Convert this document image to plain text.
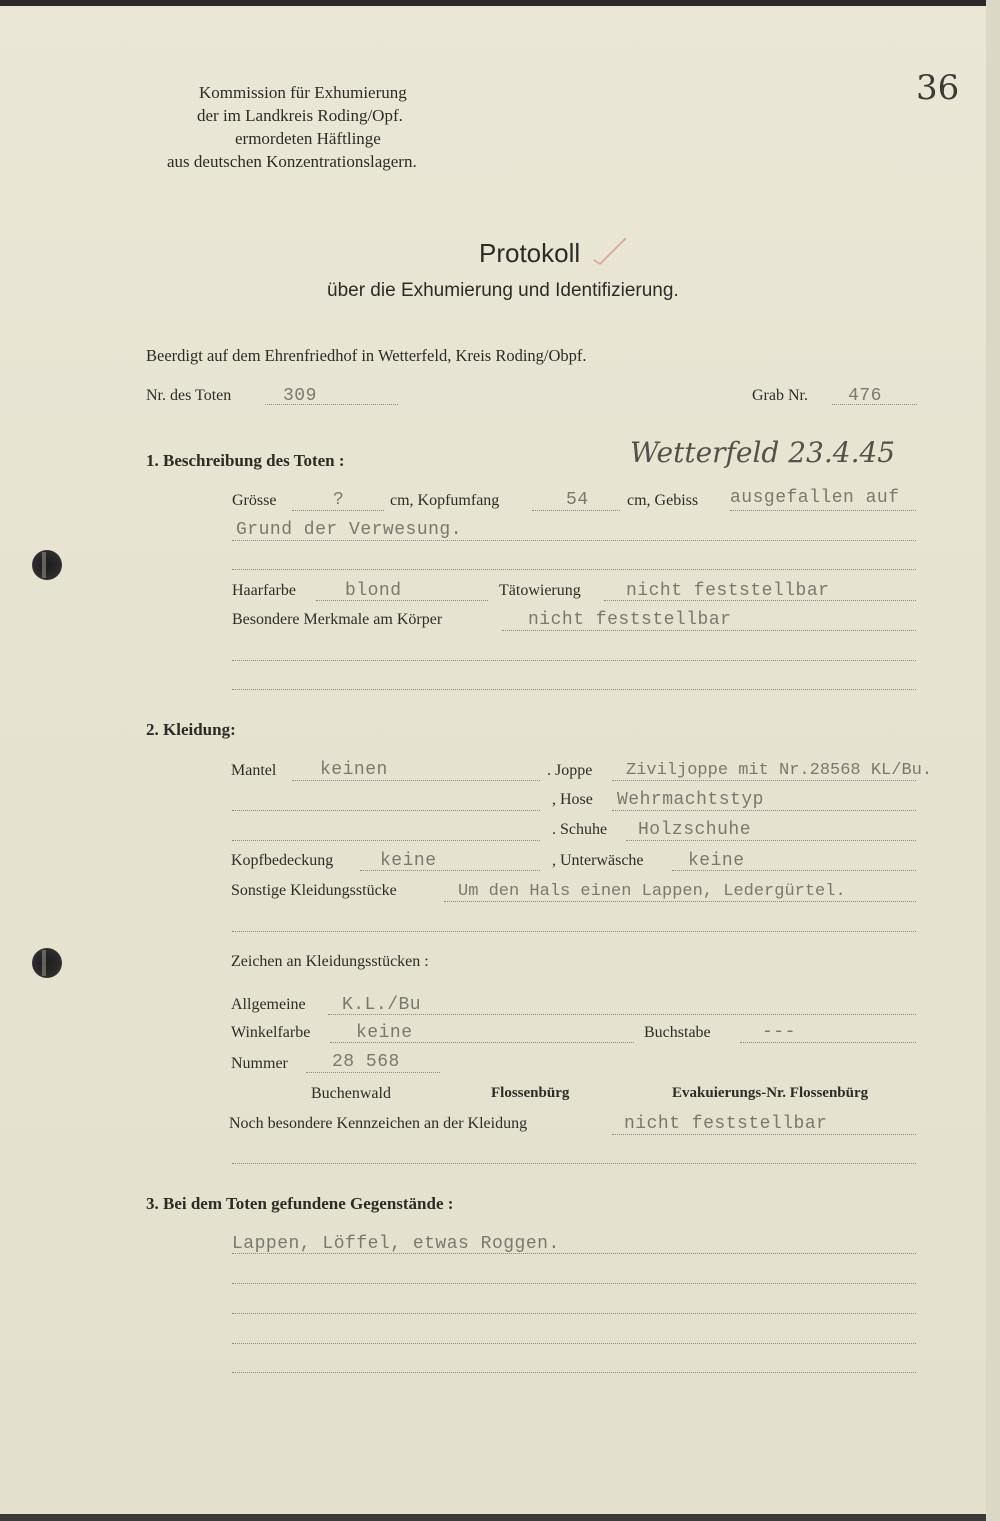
36
Kommission für Exhumierung
der im Landkreis Roding/Opf.
ermordeten Häftlinge
aus deutschen Konzentrationslagern.
Protokoll
über die Exhumierung und Identifizierung.
Beerdigt auf dem Ehrenfriedhof in Wetterfeld, Kreis Roding/Obpf.
Nr. des Toten	309	Grab Nr. 476
1. Beschreibung des Toten :	Wetterfeld 23.4.45
Grösse	?	cm, Kopfumfang	54 cm, Gebiss ausgefallen auf
Grund der Verwesung.
Haarfarbe	blond	Tätowierung	nicht feststellbar
Besondere Merkmale am Körper	nicht feststellbar
2. Kleidung:
Mantel keinen	. Joppe Ziviljoppe mit Nr.28568 KL/Bu.
, Hose Wehrmachtstyp
. Schuhe Holzschuhe
Kopfbedeckung	keine	, Unterwäsche keine
Sonstige Kleidungsstücke	Um den Hals einen Lappen, Ledergürtel.
Zeichen an Kleidungsstücken :
Allgemeine K.L./Bu
Winkelfarbe	keine	Buchstabe	---
Nummer 28 568
Buchenwald	Flossenbürg	Evakuierungs-Nr. Flossenbürg
Noch besondere Kennzeichen an der Kleidung	nicht feststellbar
3. Bei dem Toten gefundene Gegenstände :
Lappen, Löffel, etwas Roggen.
